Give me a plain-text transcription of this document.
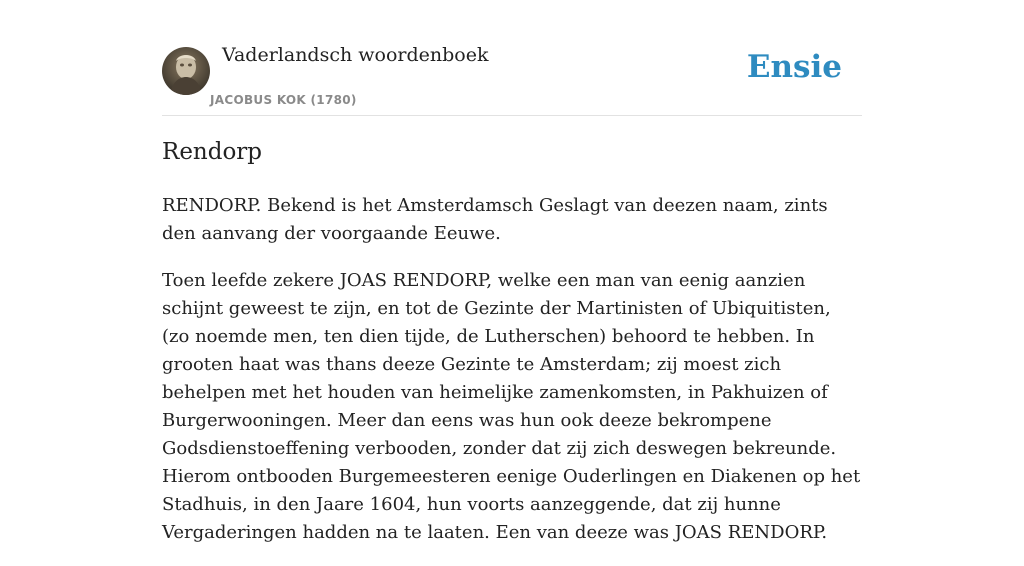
Vaderlandsch woordenboek
JACOBUS KOK (1780)
Ensie
Rendorp

RENDORP. Bekend is het Amsterdamsch Geslagt van deezen naam, zints den aanvang der voorgaande Eeuwe.

Toen leefde zekere JOAS RENDORP, welke een man van eenig aanzien schijnt geweest te zijn, en tot de Gezinte der Martinisten of Ubiquitisten, (zo noemde men, ten dien tijde, de Lutherschen) behoord te hebben. In grooten haat was thans deeze Gezinte te Amsterdam; zij moest zich behelpen met het houden van heimelijke zamenkomsten, in Pakhuizen of Burgerwooningen. Meer dan eens was hun ook deeze bekrompene Godsdienstoeffening verbooden, zonder dat zij zich deswegen bekreunde. Hierom ontbooden Burgemeesteren eenige Ouderlingen en Diakenen op het Stadhuis, in den Jaare 1604, hun voorts aanzeggende, dat zij hunne Vergaderingen hadden na te laaten. Een van deeze was JOAS RENDORP.
